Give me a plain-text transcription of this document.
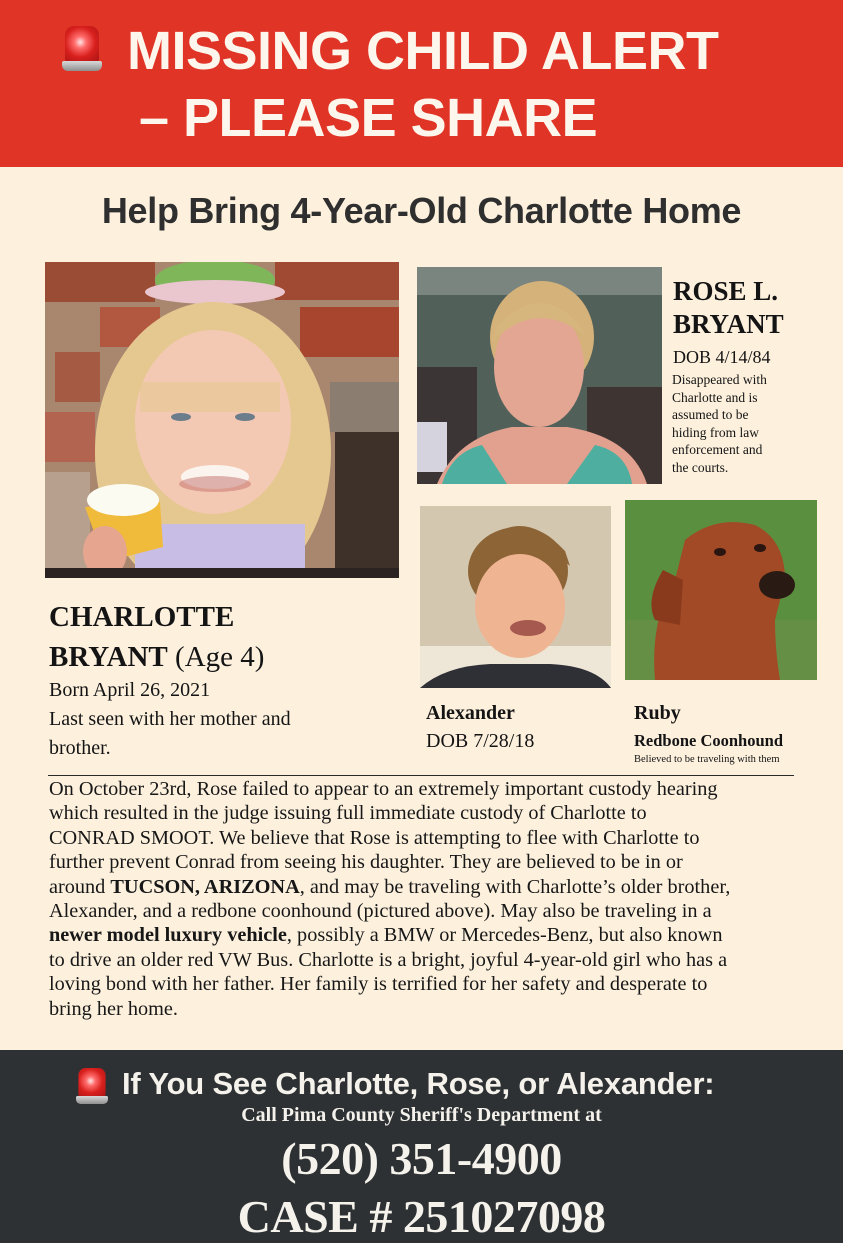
MISSING CHILD ALERT
– PLEASE SHARE
Help Bring 4-Year-Old Charlotte Home
ROSE L.
BRYANT
DOB 4/14/84
Disappeared with
Charlotte and is
assumed to be
hiding from law
enforcement and
the courts.
CHARLOTTE
BRYANT (Age 4)
Born April 26, 2021
Last seen with her mother and
brother.
Alexander
DOB 7/28/18
Ruby
Redbone Coonhound
Believed to be traveling with them
On October 23rd, Rose failed to appear to an extremely important custody hearing
which resulted in the judge issuing full immediate custody of Charlotte to
CONRAD SMOOT. We believe that Rose is attempting to flee with Charlotte to
further prevent Conrad from seeing his daughter. They are believed to be in or
around TUCSON, ARIZONA, and may be traveling with Charlotte’s older brother,
Alexander, and a redbone coonhound (pictured above). May also be traveling in a
newer model luxury vehicle, possibly a BMW or Mercedes-Benz, but also known
to drive an older red VW Bus. Charlotte is a bright, joyful 4-year-old girl who has a
loving bond with her father. Her family is terrified for her safety and desperate to
bring her home.
If You See Charlotte, Rose, or Alexander:
Call Pima County Sheriff's Department at
(520) 351-4900
CASE # 251027098
